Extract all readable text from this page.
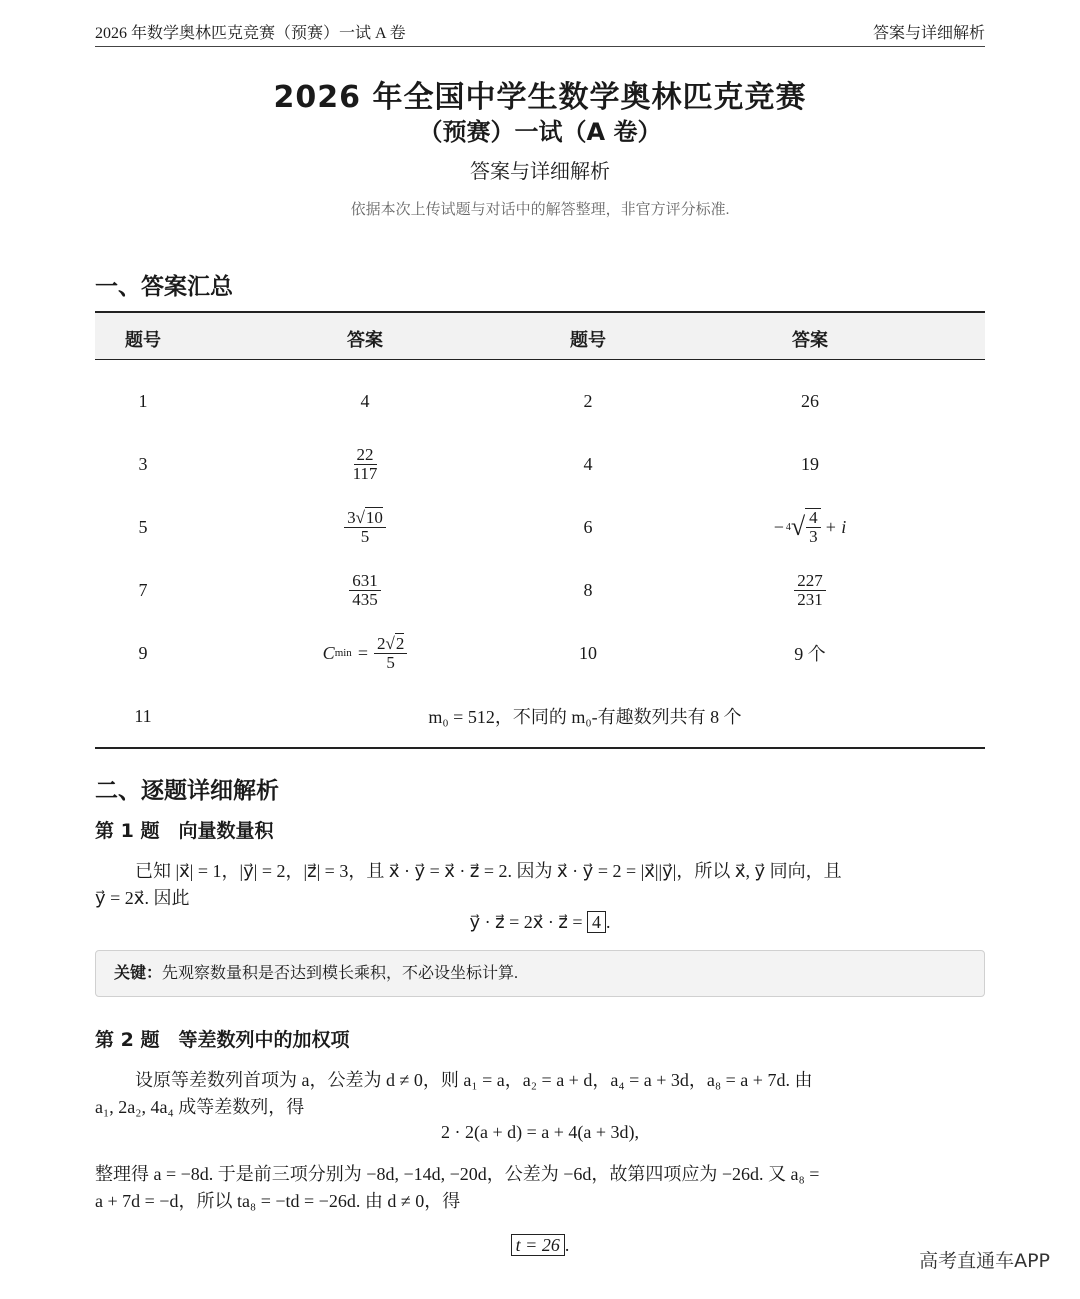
2026 年数学奥林匹克竞赛（预赛）一试 A 卷	答案与详细解析
2026 年全国中学生数学奥林匹克竞赛
（预赛）一试（A 卷）
答案与详细解析
依据本次上传试题与对话中的解答整理，非官方评分标准.
一、答案汇总
题号	答案	题号	答案
1	4	2	26
3	$\frac{22}{117}$	4	19
5	$\frac{3√10}{5}$	6	− 4 √ $\frac{4}{3} + i$
7	$\frac{631}{435}$	8	$\frac{227}{231}$
9	C $\min = \frac{2√2}{5}$	10	9 个
11	m₀ = 512，不同的 m₀-有趣数列共有 8 个
二、逐题详细解析
第 1 题　向量数量积
已知 |x⃗| = 1，|y⃗| = 2，|z⃗| = 3，且 x⃗ · y⃗ = x⃗ · z⃗ = 2. 因为 x⃗ · y⃗ = 2 = |x⃗||y⃗|，所以 x⃗, y⃗ 同向，且
y⃗ = 2x⃗. 因此
y⃗ · z⃗ = 2x⃗ · z⃗ = 4 .
关键： 先观察数量积是否达到模长乘积，不必设坐标计算.
第 2 题　等差数列中的加权项
设原等差数列首项为 a，公差为 d ≠ 0，则 a₁ = a，a₂ = a + d，a₄ = a + 3d，a₈ = a + 7d. 由
a₁, 2a₂, 4a₄ 成等差数列，得
2 · 2(a + d) = a + 4(a + 3d),
整理得 a = −8d. 于是前三项分别为 −8d, −14d, −20d，公差为 −6d，故第四项应为 −26d. 又 a₈ =
a + 7d = −d，所以 ta₈ = −td = −26d. 由 d ≠ 0，得
t = 26 .
高考直通车APP
